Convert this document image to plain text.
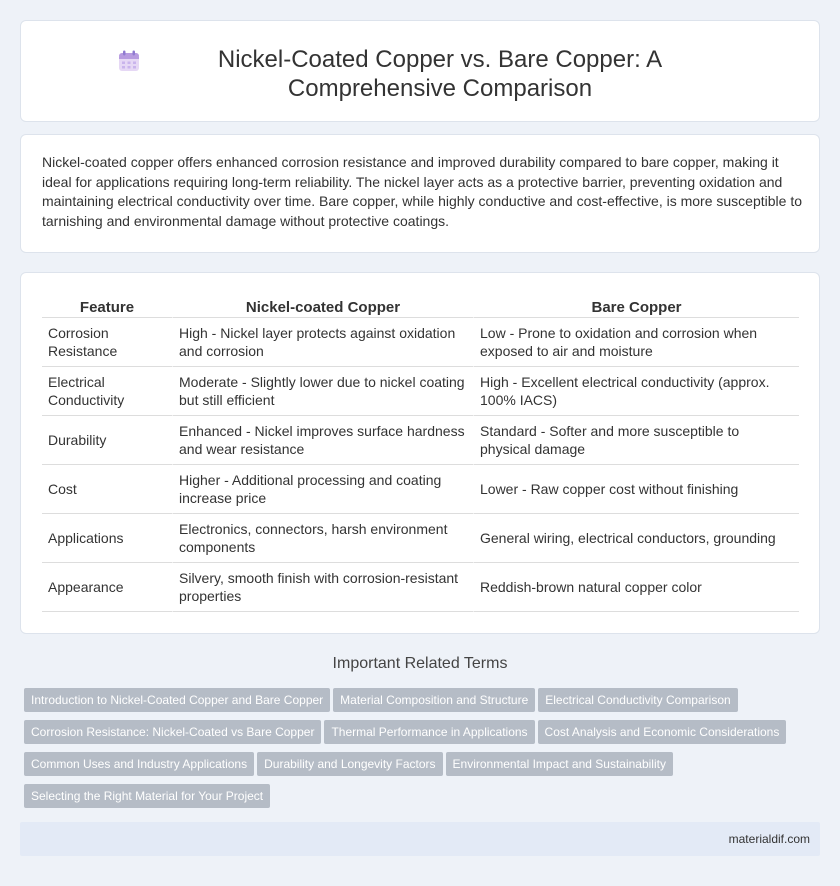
Nickel-Coated Copper vs. Bare Copper: A Comprehensive Comparison

Nickel-coated copper offers enhanced corrosion resistance and improved durability compared to bare copper, making it ideal for applications requiring long-term reliability. The nickel layer acts as a protective barrier, preventing oxidation and maintaining electrical conductivity over time. Bare copper, while highly conductive and cost-effective, is more susceptible to tarnishing and environmental damage without protective coatings.

Feature	Nickel-coated Copper	Bare Copper
Corrosion Resistance	High - Nickel layer protects against oxidation and corrosion	Low - Prone to oxidation and corrosion when exposed to air and moisture
Electrical Conductivity	Moderate - Slightly lower due to nickel coating but still efficient	High - Excellent electrical conductivity (approx. 100% IACS)
Durability	Enhanced - Nickel improves surface hardness and wear resistance	Standard - Softer and more susceptible to physical damage
Cost	Higher - Additional processing and coating increase price	Lower - Raw copper cost without finishing
Applications	Electronics, connectors, harsh environment components	General wiring, electrical conductors, grounding
Appearance	Silvery, smooth finish with corrosion-resistant properties	Reddish-brown natural copper color
Important Related Terms
Introduction to Nickel-Coated Copper and Bare Copper Material Composition and Structure Electrical Conductivity Comparison
Corrosion Resistance: Nickel-Coated vs Bare Copper Thermal Performance in Applications Cost Analysis and Economic Considerations
Common Uses and Industry Applications Durability and Longevity Factors Environmental Impact and Sustainability
Selecting the Right Material for Your Project
materialdif.com
